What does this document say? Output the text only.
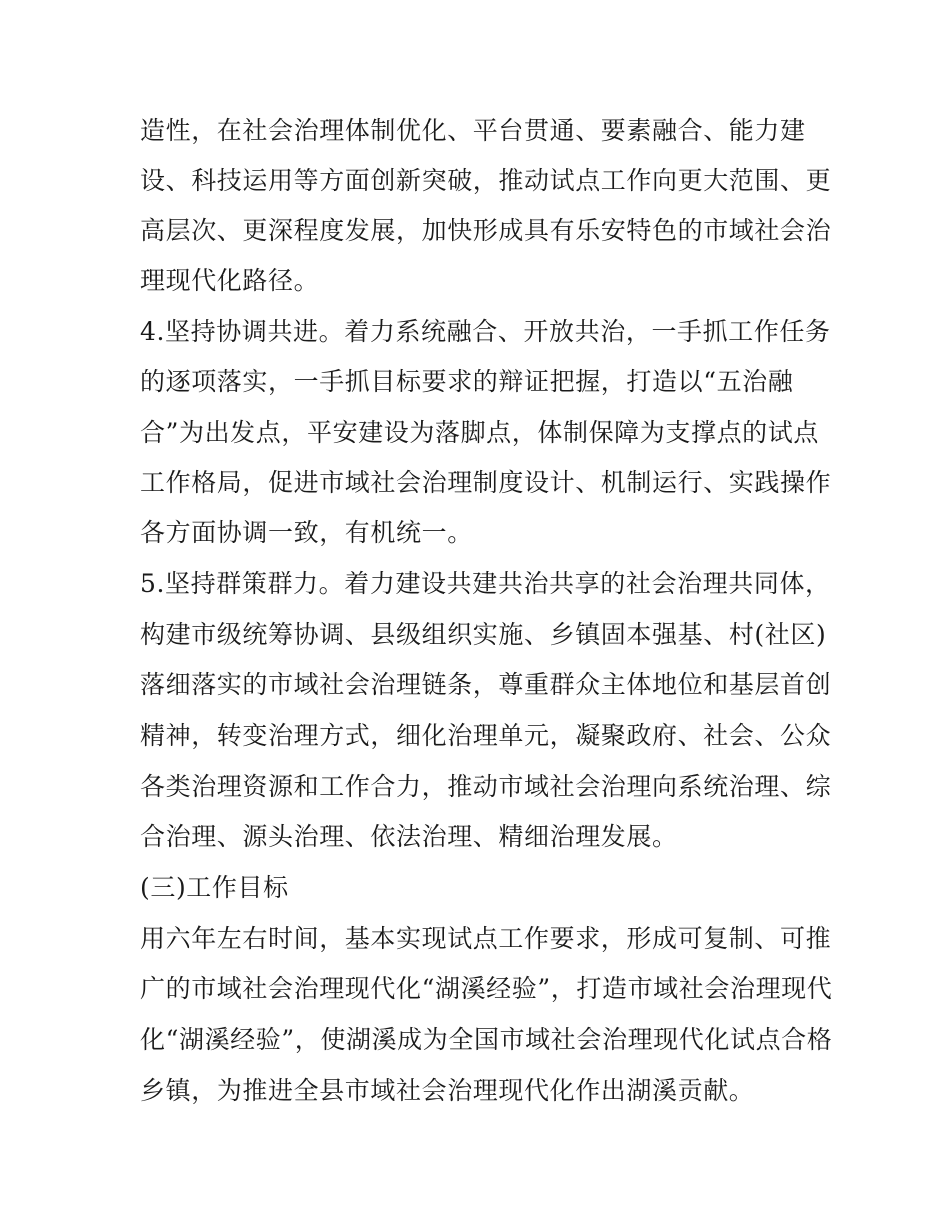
造性，在社会治理体制优化、平台贯通、要素融合、能力建
设、科技运用等方面创新突破，推动试点工作向更大范围、更
高层次、更深程度发展，加快形成具有乐安特色的市域社会治
理现代化路径。
4.坚持协调共进。着力系统融合、开放共治，一手抓工作任务
的逐项落实，一手抓目标要求的辩证把握，打造以“五治融
合”为出发点，平安建设为落脚点，体制保障为支撑点的试点
工作格局，促进市域社会治理制度设计、机制运行、实践操作
各方面协调一致，有机统一。
5.坚持群策群力。着力建设共建共治共享的社会治理共同体，
构建市级统筹协调、县级组织实施、乡镇固本强基、村(社区)
落细落实的市域社会治理链条，尊重群众主体地位和基层首创
精神，转变治理方式，细化治理单元，凝聚政府、社会、公众
各类治理资源和工作合力，推动市域社会治理向系统治理、综
合治理、源头治理、依法治理、精细治理发展。
(三)工作目标
用六年左右时间，基本实现试点工作要求，形成可复制、可推
广的市域社会治理现代化“湖溪经验”，打造市域社会治理现代
化“湖溪经验”，使湖溪成为全国市域社会治理现代化试点合格
乡镇，为推进全县市域社会治理现代化作出湖溪贡献。
